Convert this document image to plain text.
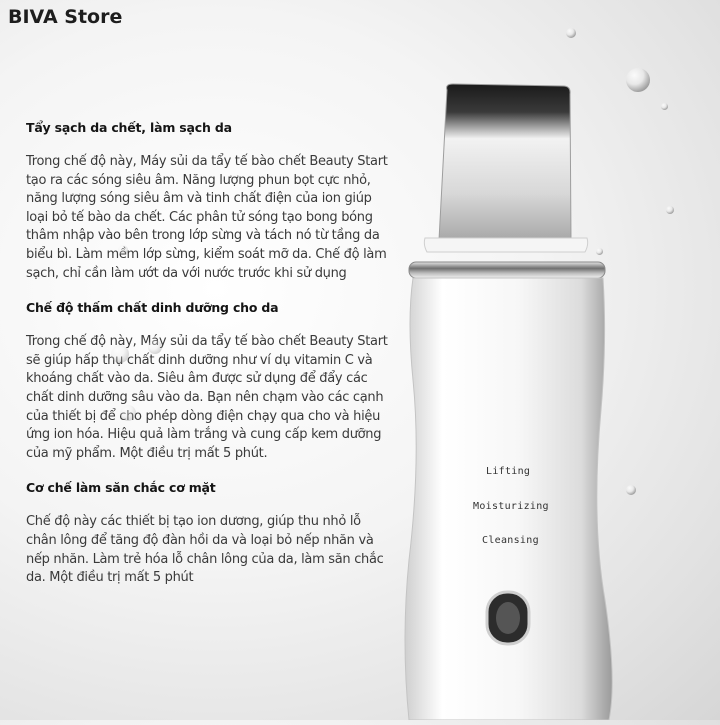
BIVA Store
Tẩy sạch da chết, làm sạch da
Trong chế độ này, Máy sủi da tẩy tế bào chết Beauty Start tạo ra các sóng siêu âm. Năng lượng phun bọt cực nhỏ, năng lượng sóng siêu âm và tinh chất điện của ion giúp loại bỏ tế bào da chết. Các phân tử sóng tạo bong bóng thâm nhập vào bên trong lớp sừng và tách nó từ tầng da biểu bì. Làm mềm lớp sừng, kiểm soát mỡ da. Chế độ làm sạch, chỉ cần làm ướt da với nước trước khi sử dụng
Chế độ thấm chất dinh dưỡng cho da
Trong chế độ này, Máy sủi da tẩy tế bào chết Beauty Start sẽ giúp hấp thụ chất dinh dưỡng như ví dụ vitamin C và khoáng chất vào da. Siêu âm được sử dụng để đẩy các chất dinh dưỡng sâu vào da. Bạn nên chạm vào các cạnh của thiết bị để cho phép dòng điện chạy qua cho và hiệu ứng ion hóa. Hiệu quả làm trắng và cung cấp kem dưỡng của mỹ phẩm. Một điều trị mất 5 phút.
Cơ chế làm săn chắc cơ mặt
Chế độ này các thiết bị tạo ion dương, giúp thu nhỏ lỗ chân lông để tăng độ đàn hồi da và loại bỏ nếp nhăn và nếp nhăn. Làm trẻ hóa lỗ chân lông của da, làm săn chắc da. Một điều trị mất 5 phút
Lifting
Moisturizing
Cleansing
